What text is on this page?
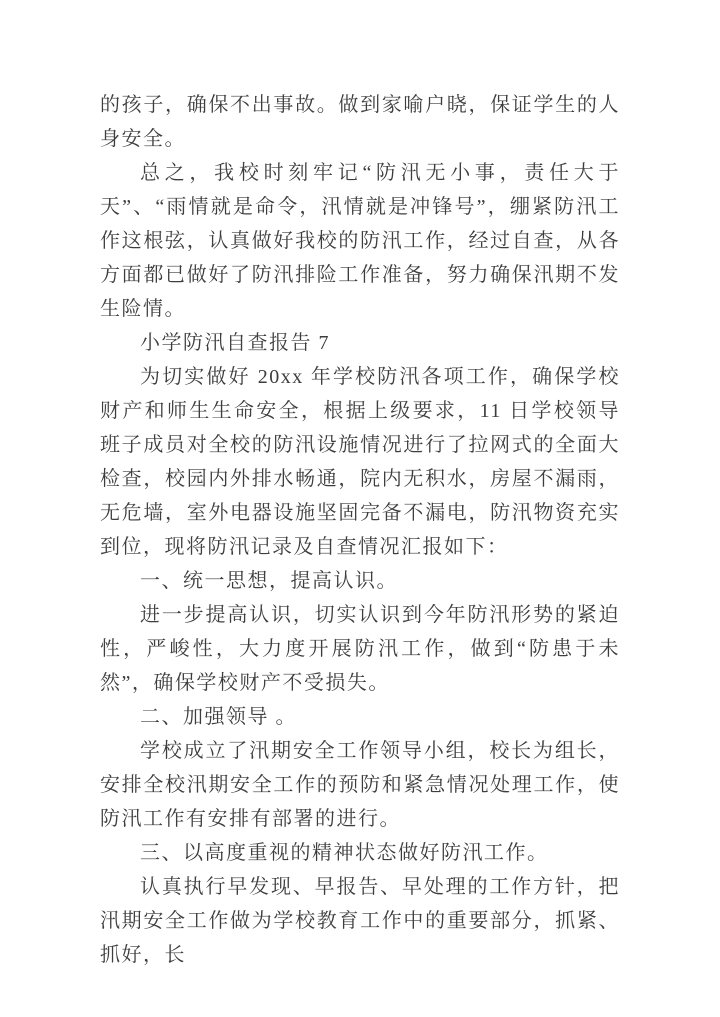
的孩子，确保不出事故。做到家喻户晓，保证学生的人身安全。

总之，我校时刻牢记“防汛无小事，责任大于天”、“雨情就是命令，汛情就是冲锋号”，绷紧防汛工作这根弦，认真做好我校的防汛工作，经过自查，从各方面都已做好了防汛排险工作准备，努力确保汛期不发生险情。

小学防汛自查报告 7

为切实做好 20xx 年学校防汛各项工作，确保学校财产和师生生命安全，根据上级要求，11 日学校领导班子成员对全校的防汛设施情况进行了拉网式的全面大检查，校园内外排水畅通，院内无积水，房屋不漏雨，无危墙，室外电器设施坚固完备不漏电，防汛物资充实到位，现将防汛记录及自查情况汇报如下：

一、统一思想，提高认识。

进一步提高认识，切实认识到今年防汛形势的紧迫性，严峻性，大力度开展防汛工作，做到“防患于未然”，确保学校财产不受损失。

二、加强领导 。

学校成立了汛期安全工作领导小组，校长为组长，安排全校汛期安全工作的预防和紧急情况处理工作，使防汛工作有安排有部署的进行。

三、以高度重视的精神状态做好防汛工作。

认真执行早发现、早报告、早处理的工作方针，把汛期安全工作做为学校教育工作中的重要部分，抓紧、抓好，长
